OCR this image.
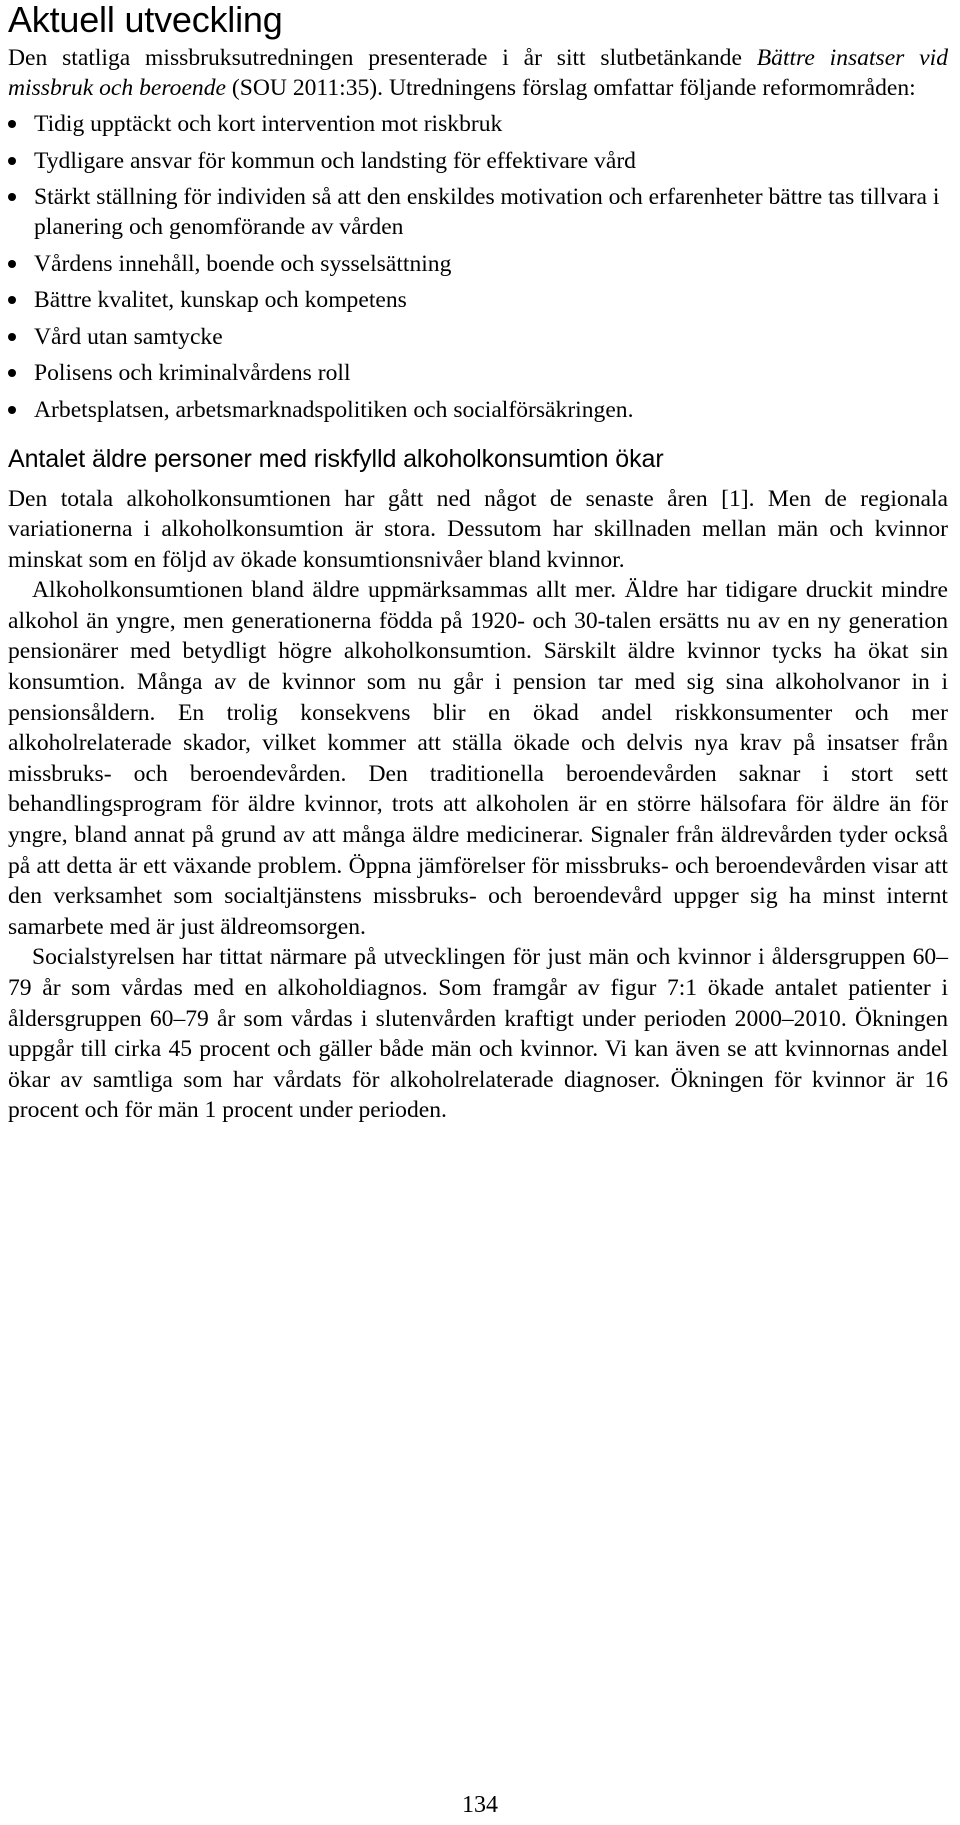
Aktuell utveckling

Den statliga missbruksutredningen presenterade i år sitt slutbetänkande Bättre insatser vid missbruk och beroende (SOU 2011:35). Utredningens förslag omfattar följande reformområden:

Tidig upptäckt och kort intervention mot riskbruk
Tydligare ansvar för kommun och landsting för effektivare vård
Stärkt ställning för individen så att den enskildes motivation och erfarenheter bättre tas tillvara i planering och genomförande av vården
Vårdens innehåll, boende och sysselsättning
Bättre kvalitet, kunskap och kompetens
Vård utan samtycke
Polisens och kriminalvårdens roll
Arbetsplatsen, arbetsmarknadspolitiken och socialförsäkringen.
Antalet äldre personer med riskfylld alkoholkonsumtion ökar

Den totala alkoholkonsumtionen har gått ned något de senaste åren [1]. Men de regionala variationerna i alkoholkonsumtion är stora. Dessutom har skillnaden mellan män och kvinnor minskat som en följd av ökade konsumtionsnivåer bland kvinnor.

Alkoholkonsumtionen bland äldre uppmärksammas allt mer. Äldre har tidigare druckit mindre alkohol än yngre, men generationerna födda på 1920- och 30-talen ersätts nu av en ny generation pensionärer med betydligt högre alkoholkonsumtion. Särskilt äldre kvinnor tycks ha ökat sin konsumtion. Många av de kvinnor som nu går i pension tar med sig sina alkoholvanor in i pensionsåldern. En trolig konsekvens blir en ökad andel riskkonsumenter och mer alkoholrelaterade skador, vilket kommer att ställa ökade och delvis nya krav på insatser från missbruks- och beroendevården. Den traditionella beroendevården saknar i stort sett behandlingsprogram för äldre kvinnor, trots att alkoholen är en större hälsofara för äldre än för yngre, bland annat på grund av att många äldre medicinerar. Signaler från äldrevården tyder också på att detta är ett växande problem. Öppna jämförelser för missbruks- och beroendevården visar att den verksamhet som socialtjänstens missbruks- och beroendevård uppger sig ha minst internt samarbete med är just äldreomsorgen.

Socialstyrelsen har tittat närmare på utvecklingen för just män och kvinnor i åldersgruppen 60–79 år som vårdas med en alkoholdiagnos. Som framgår av figur 7:1 ökade antalet patienter i åldersgruppen 60–79 år som vårdas i slutenvården kraftigt under perioden 2000–2010. Ökningen uppgår till cirka 45 procent och gäller både män och kvinnor. Vi kan även se att kvinnornas andel ökar av samtliga som har vårdats för alkoholrelaterade diagnoser. Ökningen för kvinnor är 16 procent och för män 1 procent under perioden.

134
